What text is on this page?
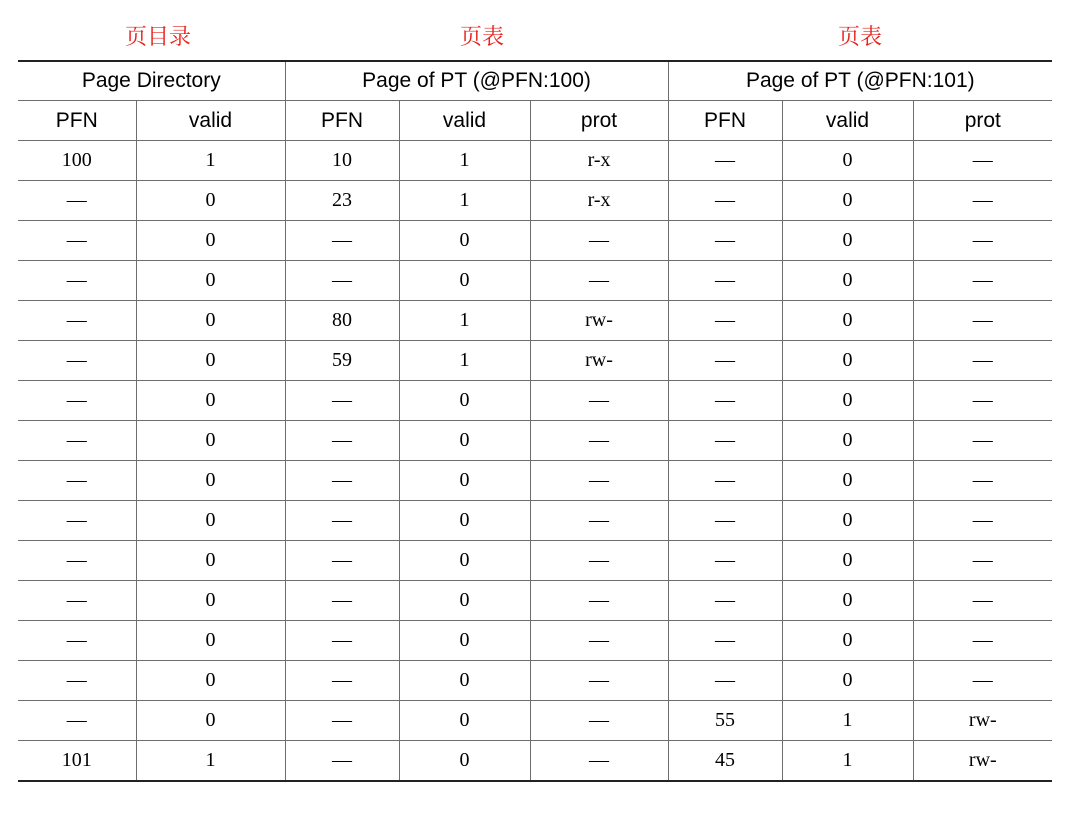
页目录	页表	页表
Page Directory		Page of PT (@PFN:100)			Page of PT (@PFN:101)		
PFN	valid	PFN	valid	prot	PFN	valid	prot
100	1	10	1	r-x	—	0	—
—	0	23	1	r-x	—	0	—
—	0	—	0	—	—	0	—
—	0	—	0	—	—	0	—
—	0	80	1	rw-	—	0	—
—	0	59	1	rw-	—	0	—
—	0	—	0	—	—	0	—
—	0	—	0	—	—	0	—
—	0	—	0	—	—	0	—
—	0	—	0	—	—	0	—
—	0	—	0	—	—	0	—
—	0	—	0	—	—	0	—
—	0	—	0	—	—	0	—
—	0	—	0	—	—	0	—
—	0	—	0	—	55	1	rw-
101	1	—	0	—	45	1	rw-
